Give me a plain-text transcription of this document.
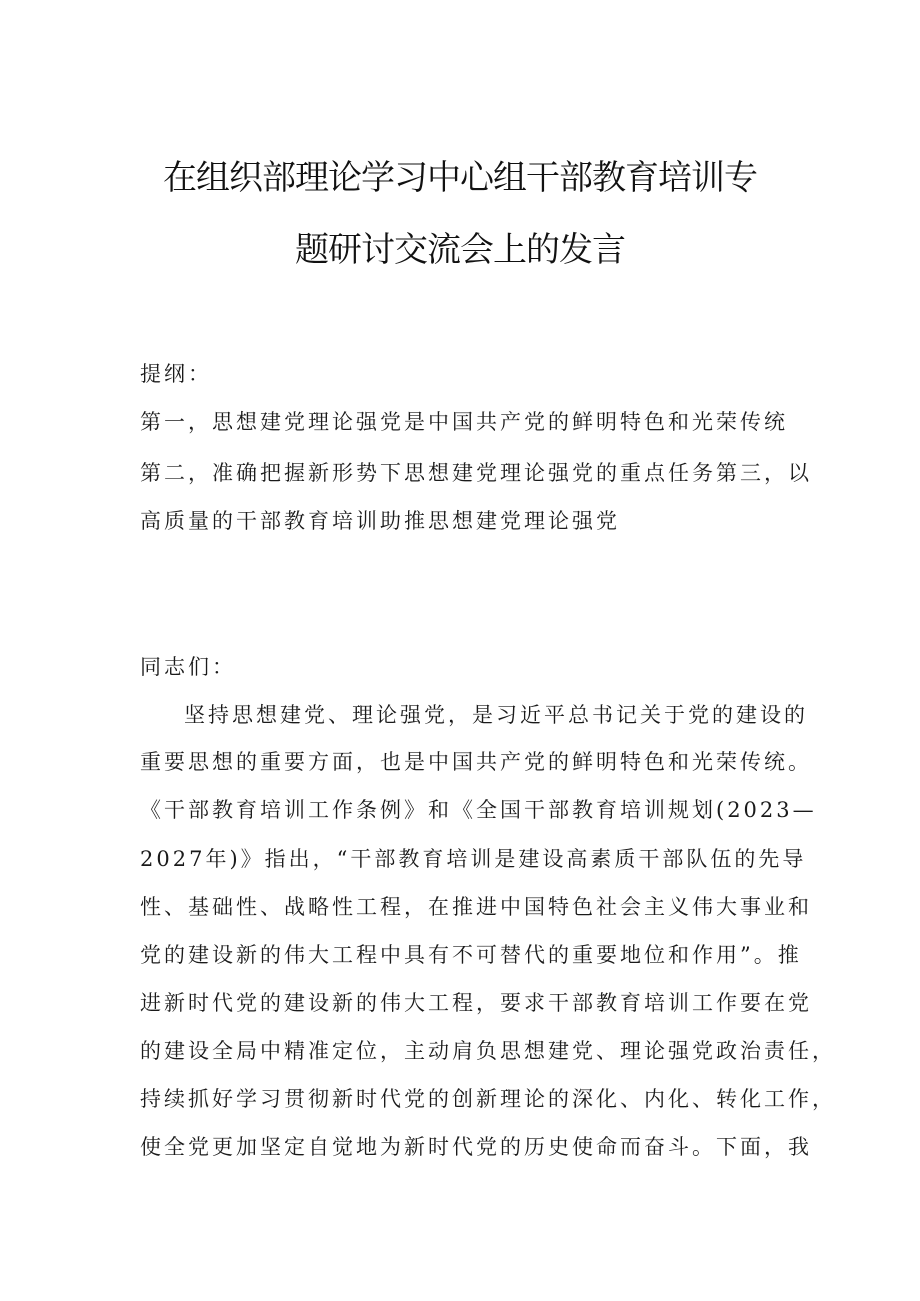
在组织部理论学习中心组干部教育培训专
题研讨交流会上的发言
提纲：
第一，思想建党理论强党是中国共产党的鲜明特色和光荣传统
第二，准确把握新形势下思想建党理论强党的重点任务第三，以
高质量的干部教育培训助推思想建党理论强党
同志们：
坚持思想建党、理论强党，是习近平总书记关于党的建设的
重要思想的重要方面，也是中国共产党的鲜明特色和光荣传统。
《干部教育培训工作条例》和《全国干部教育培训规划(2023—
2027年)》指出，“干部教育培训是建设高素质干部队伍的先导
性、基础性、战略性工程，在推进中国特色社会主义伟大事业和
党的建设新的伟大工程中具有不可替代的重要地位和作用”。推
进新时代党的建设新的伟大工程，要求干部教育培训工作要在党
的建设全局中精准定位，主动肩负思想建党、理论强党政治责任，
持续抓好学习贯彻新时代党的创新理论的深化、内化、转化工作，
使全党更加坚定自觉地为新时代党的历史使命而奋斗。下面，我
